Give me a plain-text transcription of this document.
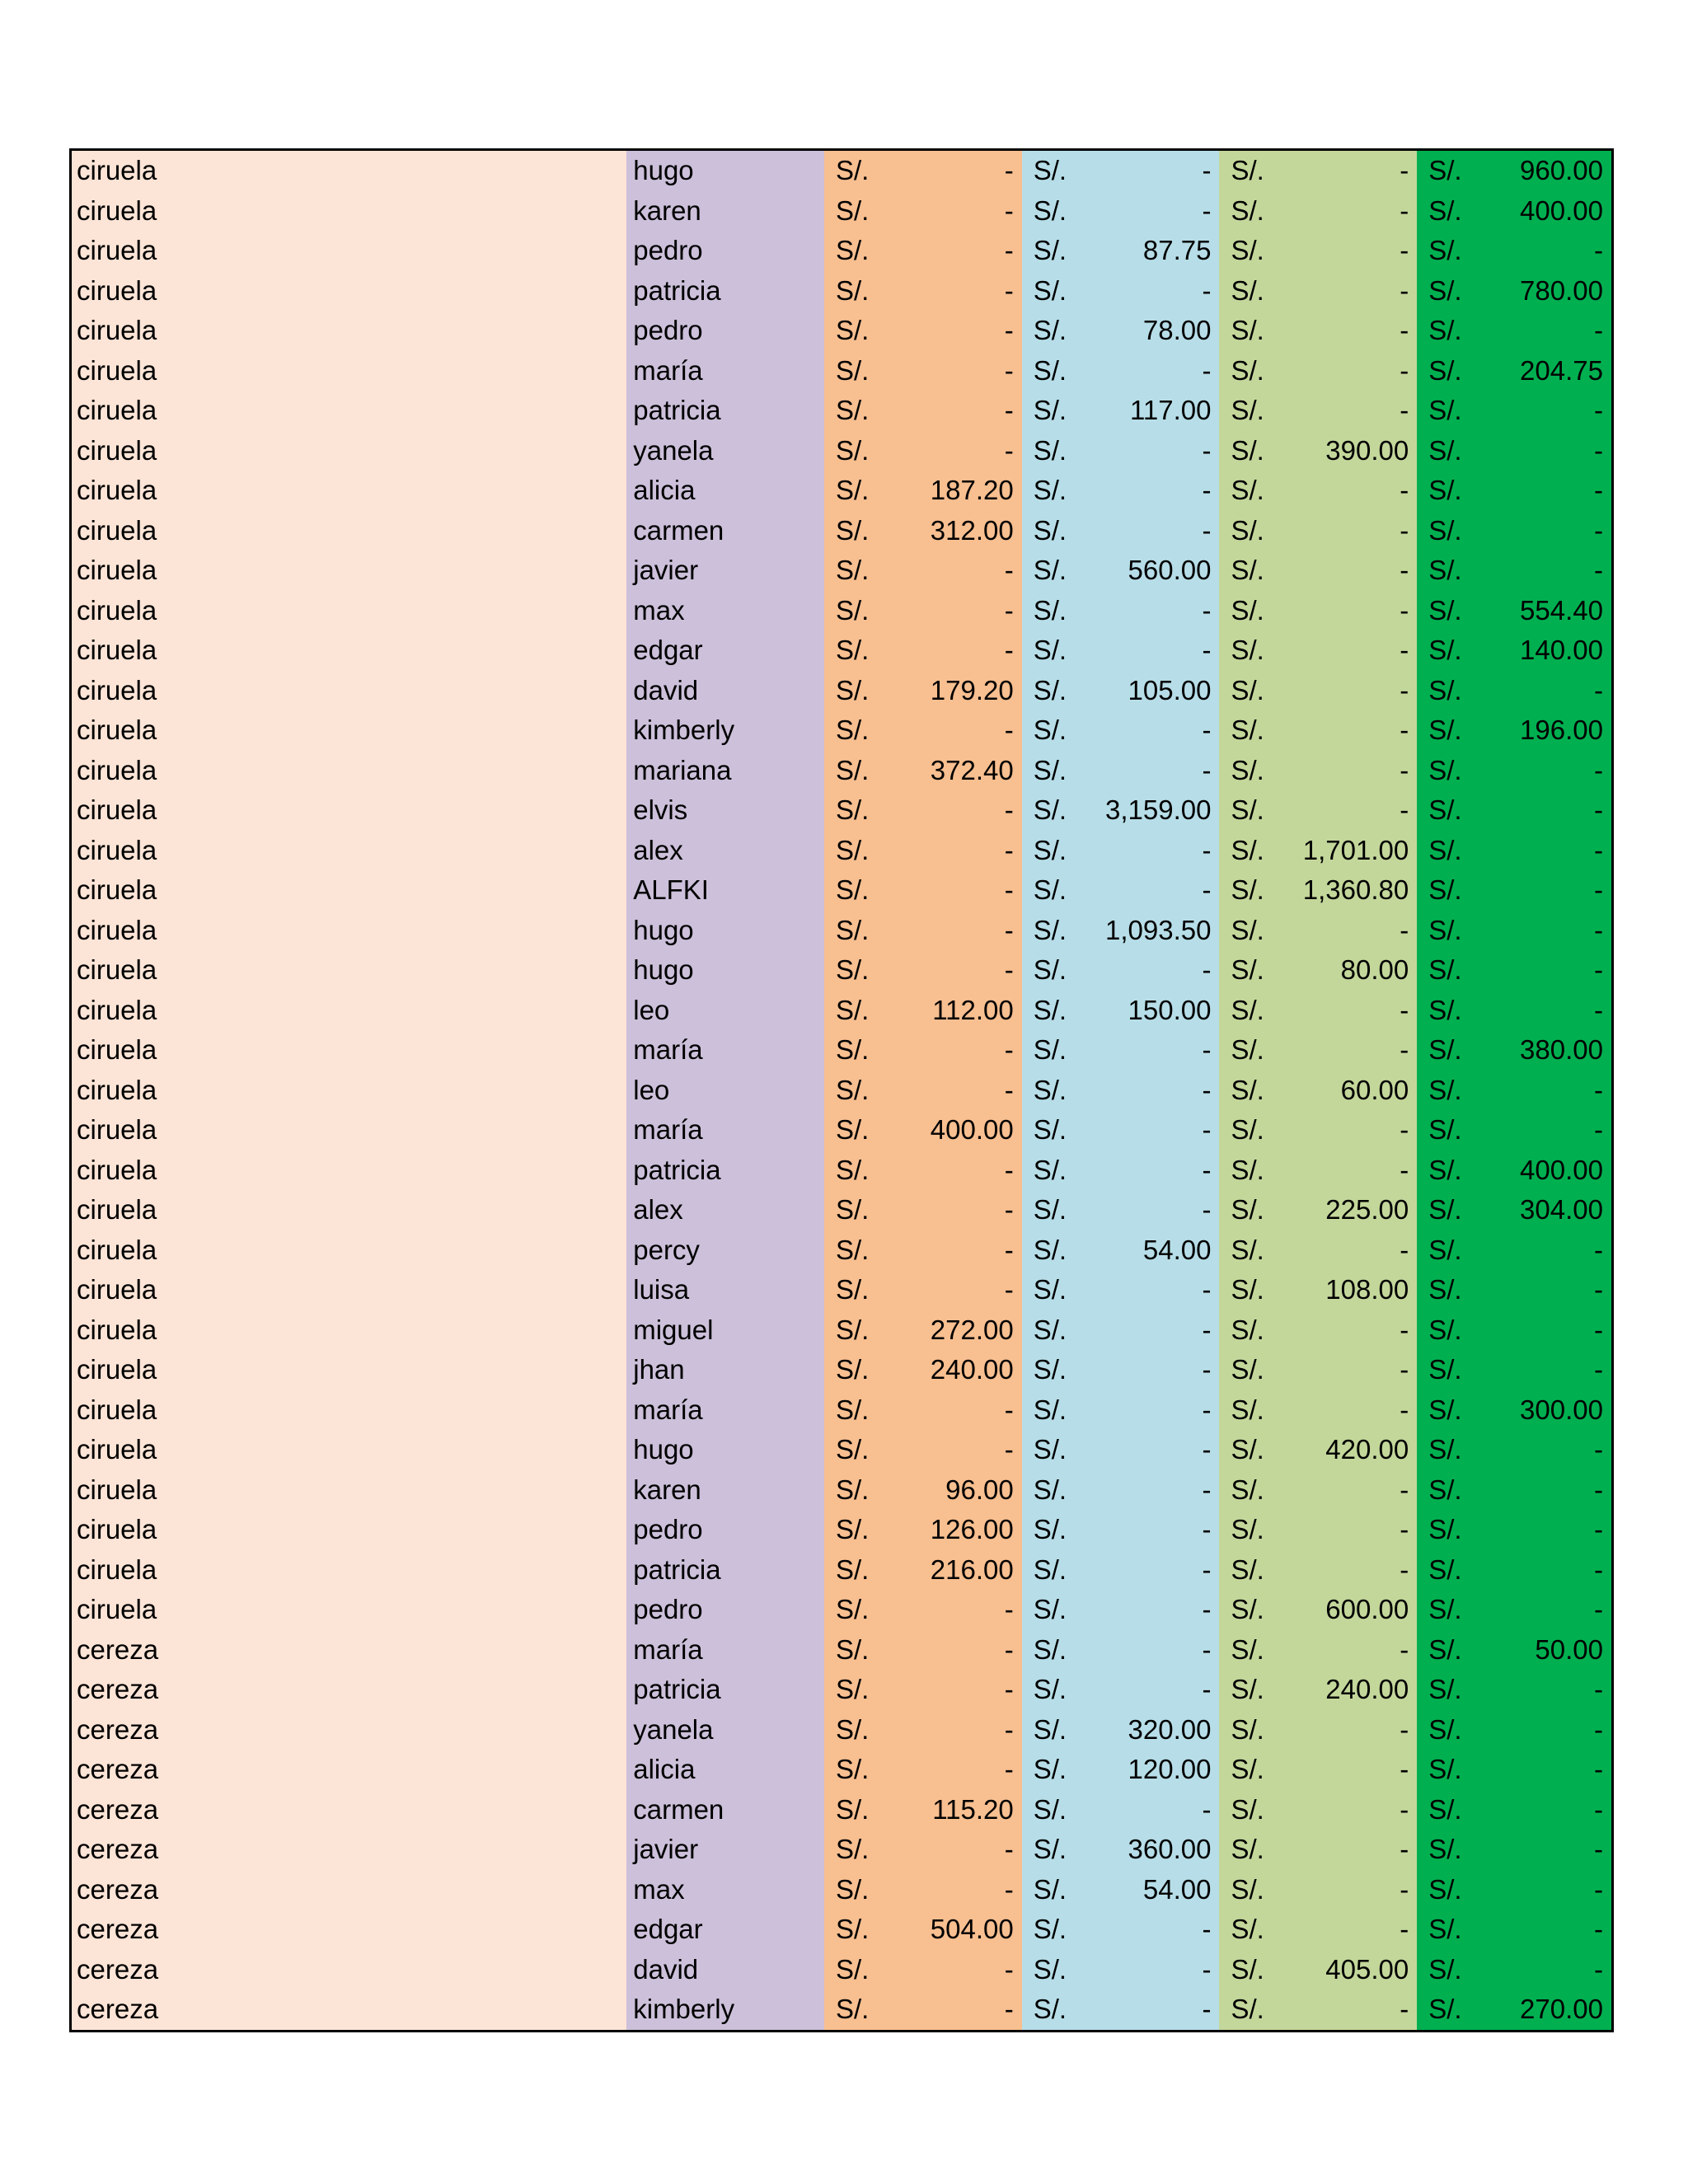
ciruela	hugo	S/.	- S/.	- S/.	- S/. 960.00
ciruela	karen	S/.	- S/.	- S/.	- S/. 400.00
ciruela	pedro	S/.	- S/.	87.75 S/.	- S/.	-
ciruela	patricia	S/.	- S/.	- S/.	- S/. 780.00
ciruela	pedro	S/.	- S/.	78.00 S/.	- S/.	-
ciruela	maría	S/.	- S/.	- S/.	- S/. 204.75
ciruela	patricia	S/.	- S/. 117.00 S/.	- S/.	-
ciruela	yanela	S/.	- S/.	- S/. 390.00 S/.	-
ciruela	alicia	S/. 187.20 S/.	- S/.	- S/.	-
ciruela	carmen	S/. 312.00 S/.	- S/.	- S/.	-
ciruela	javier	S/.	- S/. 560.00 S/.	- S/.	-
ciruela	max	S/.	- S/.	- S/.	- S/. 554.40
ciruela	edgar	S/.	- S/.	- S/.	- S/. 140.00
ciruela	david	S/. 179.20 S/. 105.00 S/.	- S/.	-
ciruela	kimberly	S/.	- S/.	- S/.	- S/. 196.00
ciruela	mariana	S/. 372.40 S/.	- S/.	- S/.	-
ciruela	elvis	S/.	- S/. 3,159.00 S/.	- S/.	-
ciruela	alex	S/.	- S/.	- S/. 1,701.00 S/.	-
ciruela	ALFKI	S/.	- S/.	- S/. 1,360.80 S/.	-
ciruela	hugo	S/.	- S/. 1,093.50 S/.	- S/.	-
ciruela	hugo	S/.	- S/.	- S/.	80.00 S/.	-
ciruela	leo	S/. 112.00 S/. 150.00 S/.	- S/.	-
ciruela	maría	S/.	- S/.	- S/.	- S/. 380.00
ciruela	leo	S/.	- S/.	- S/.	60.00 S/.	-
ciruela	maría	S/. 400.00 S/.	- S/.	- S/.	-
ciruela	patricia	S/.	- S/.	- S/.	- S/. 400.00
ciruela	alex	S/.	- S/.	- S/. 225.00 S/. 304.00
ciruela	percy	S/.	- S/.	54.00 S/.	- S/.	-
ciruela	luisa	S/.	- S/.	- S/. 108.00 S/.	-
ciruela	miguel	S/. 272.00 S/.	- S/.	- S/.	-
ciruela	jhan	S/. 240.00 S/.	- S/.	- S/.	-
ciruela	maría	S/.	- S/.	- S/.	- S/. 300.00
ciruela	hugo	S/.	- S/.	- S/. 420.00 S/.	-
ciruela	karen	S/.	96.00 S/.	- S/.	- S/.	-
ciruela	pedro	S/. 126.00 S/.	- S/.	- S/.	-
ciruela	patricia	S/. 216.00 S/.	- S/.	- S/.	-
ciruela	pedro	S/.	- S/.	- S/. 600.00 S/.	-
cereza	maría	S/.	- S/.	- S/.	- S/.	50.00
cereza	patricia	S/.	- S/.	- S/. 240.00 S/.	-
cereza	yanela	S/.	- S/. 320.00 S/.	- S/.	-
cereza	alicia	S/.	- S/. 120.00 S/.	- S/.	-
cereza	carmen	S/. 115.20 S/.	- S/.	- S/.	-
cereza	javier	S/.	- S/. 360.00 S/.	- S/.	-
cereza	max	S/.	- S/.	54.00 S/.	- S/.	-
cereza	edgar	S/. 504.00 S/.	- S/.	- S/.	-
cereza	david	S/.	- S/.	- S/. 405.00 S/.	-
cereza	kimberly	S/.	- S/.	- S/.	- S/. 270.00
